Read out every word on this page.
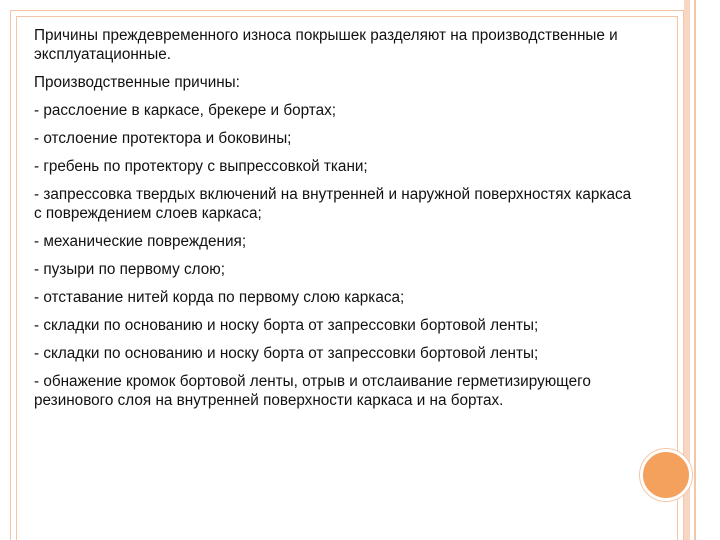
Причины преждевременного износа покрышек разделяют на производственные и эксплуатационные.

Производственные причины:

- расслоение в каркасе, брекере и бортах;

- отслоение протектора и боковины;

- гребень по протектору с выпрессовкой ткани;

- запрессовка твердых включений на внутренней и наружной поверхностях каркаса с повреждением слоев каркаса;

- механические повреждения;

- пузыри по первому слою;

- отставание нитей корда по первому слою каркаса;

- складки по основанию и носку борта от запрессовки бортовой ленты;

- складки по основанию и носку борта от запрессовки бортовой ленты;

- обнажение кромок бортовой ленты, отрыв и отслаивание герметизирующего резинового слоя на внутренней поверхности каркаса и на бортах.
